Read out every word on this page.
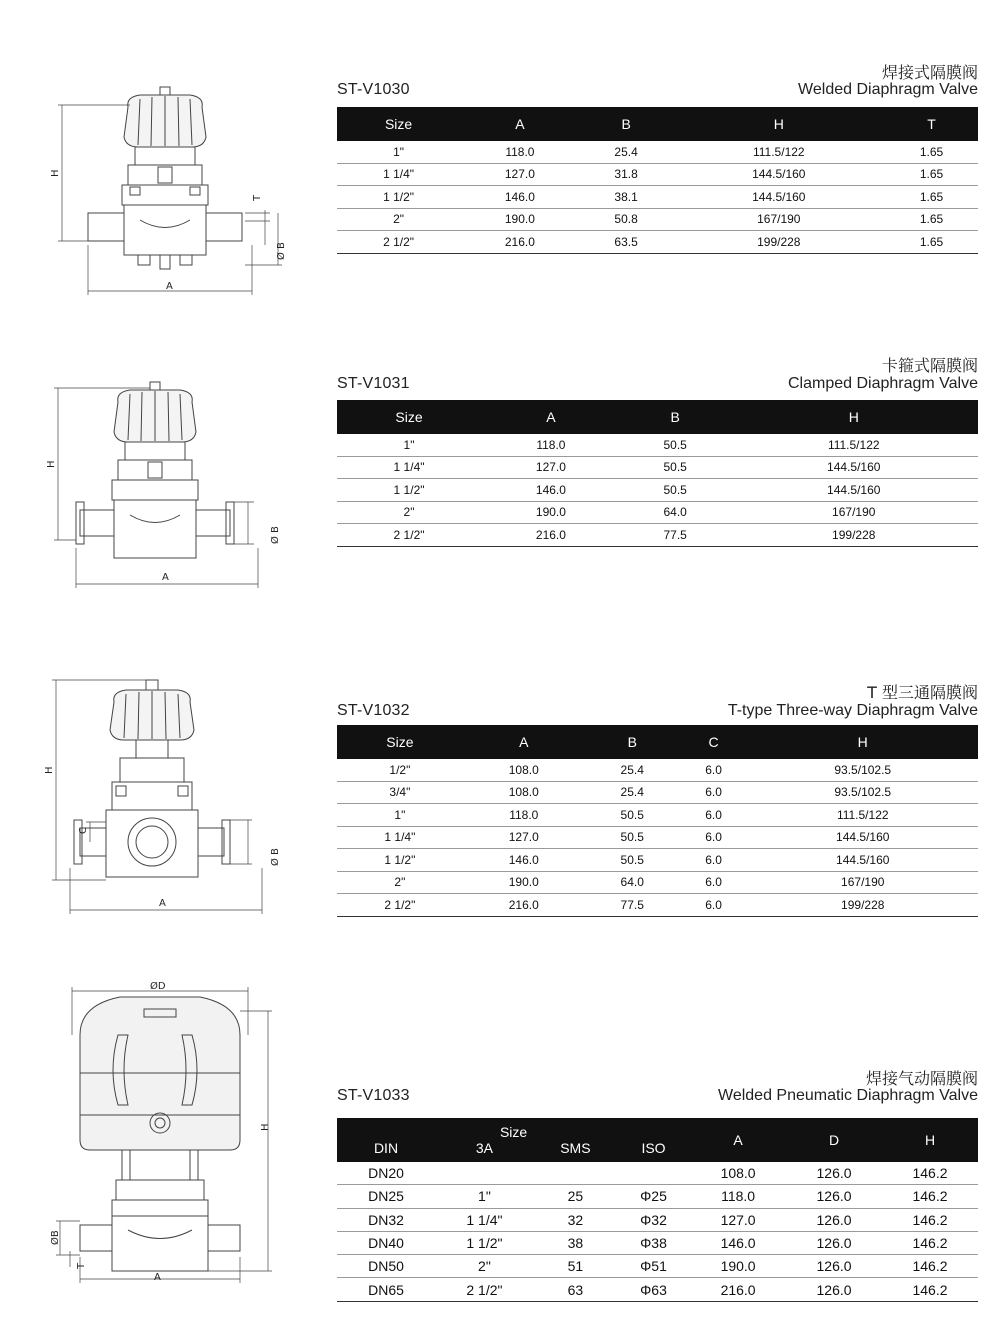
H
T
Ø B
A
焊接式隔膜阀
ST-V1030	Welded Diaphragm Valve
Size	A	B	H	T
1"	118.0	25.4	111.5/122	1.65
1 1/4"	127.0	31.8	144.5/160	1.65
1 1/2"	146.0	38.1	144.5/160	1.65
2"	190.0	50.8	167/190	1.65
2 1/2"	216.0	63.5	199/228	1.65
H
Ø B
A
卡箍式隔膜阀
ST-V1031	Clamped Diaphragm Valve
Size	A	B	H
1"	118.0	50.5	111.5/122
1 1/4"	127.0	50.5	144.5/160
1 1/2"	146.0	50.5	144.5/160
2"	190.0	64.0	167/190
2 1/2"	216.0	77.5	199/228
H
C
Ø B
A
T 型三通隔膜阀
ST-V1032	T-type Three-way Diaphragm Valve
Size	A	B	C	H
1/2"	108.0	25.4	6.0	93.5/102.5
3/4"	108.0	25.4	6.0	93.5/102.5
1"	118.0	50.5	6.0	111.5/122
1 1/4"	127.0	50.5	6.0	144.5/160
1 1/2"	146.0	50.5	6.0	144.5/160
2"	190.0	64.0	6.0	167/190
2 1/2"	216.0	77.5	6.0	199/228
ØD
H
ØB
T
A
焊接气动隔膜阀
ST-V1033	Welded Pneumatic Diaphragm Valve
Size				A	D	H
DIN	3A	SMS	ISO			
DN20				108.0	126.0	146.2
DN25	1"	25	Φ25	118.0	126.0	146.2
DN32	1 1/4"	32	Φ32	127.0	126.0	146.2
DN40	1 1/2"	38	Φ38	146.0	126.0	146.2
DN50	2"	51	Φ51	190.0	126.0	146.2
DN65	2 1/2"	63	Φ63	216.0	126.0	146.2
